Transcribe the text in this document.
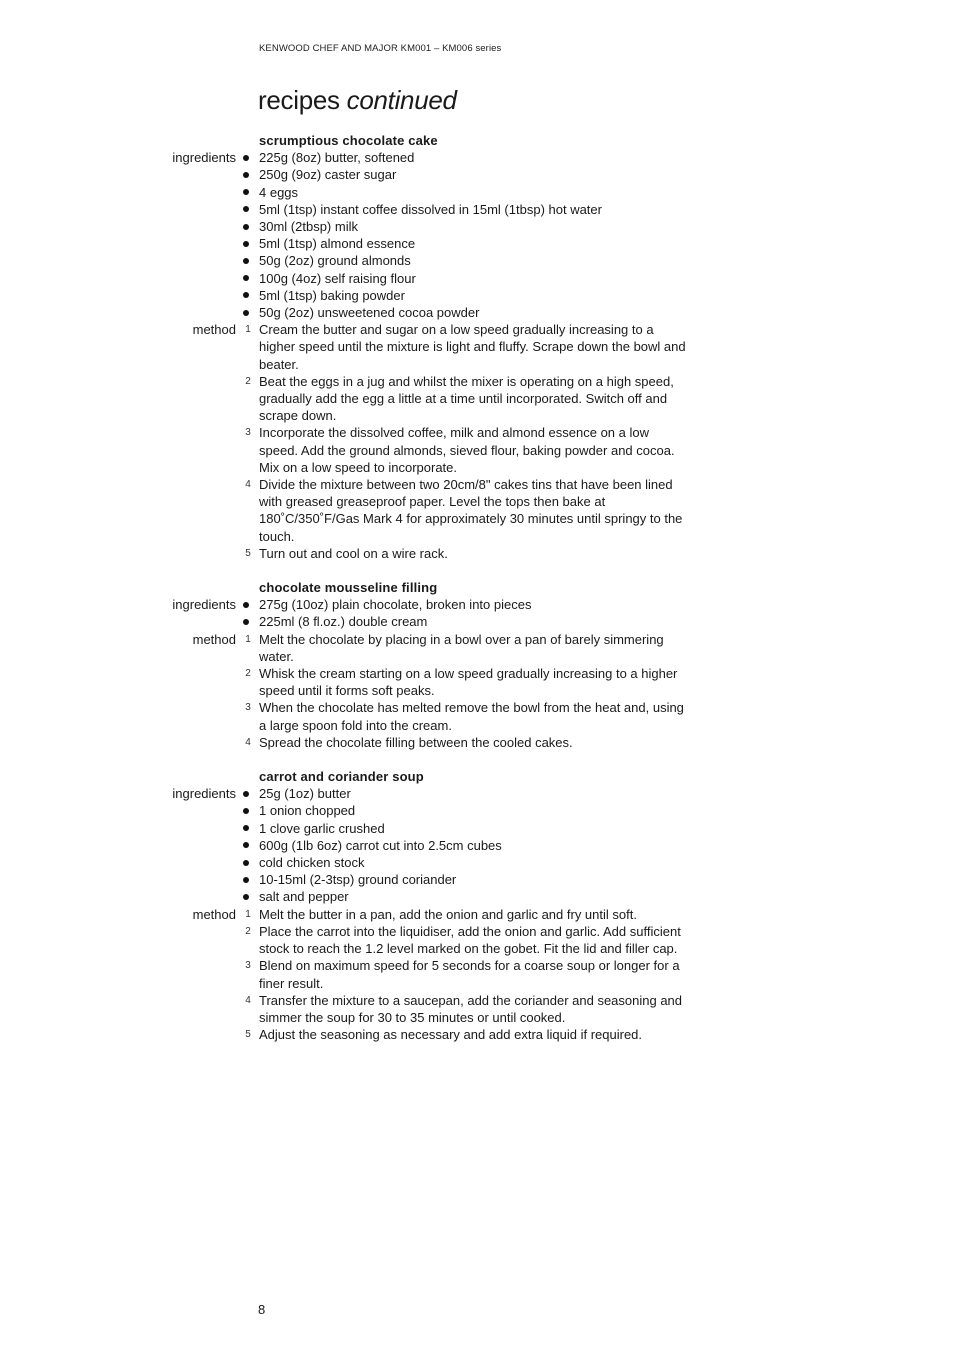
KENWOOD CHEF AND MAJOR KM001 – KM006 series
recipes continued
scrumptious chocolate cake
ingredients 225g (8oz) butter, softened
250g (9oz) caster sugar
4 eggs
5ml (1tsp) instant coffee dissolved in 15ml (1tbsp) hot water
30ml (2tbsp) milk
5ml (1tsp) almond essence
50g (2oz) ground almonds
100g (4oz) self raising flour
5ml (1tsp) baking powder
50g (2oz) unsweetened cocoa powder
method 1 Cream the butter and sugar on a low speed gradually increasing to a higher speed until the mixture is light and fluffy. Scrape down the bowl and beater.
2 Beat the eggs in a jug and whilst the mixer is operating on a high speed, gradually add the egg a little at a time until incorporated. Switch off and scrape down.
3 Incorporate the dissolved coffee, milk and almond essence on a low speed. Add the ground almonds, sieved flour, baking powder and cocoa. Mix on a low speed to incorporate.
4 Divide the mixture between two 20cm/8" cakes tins that have been lined with greased greaseproof paper. Level the tops then bake at 180˚C/350˚F/Gas Mark 4 for approximately 30 minutes until springy to the touch.
5 Turn out and cool on a wire rack.
chocolate mousseline filling
ingredients 275g (10oz) plain chocolate, broken into pieces
225ml (8 fl.oz.) double cream
method 1 Melt the chocolate by placing in a bowl over a pan of barely simmering water.
2 Whisk the cream starting on a low speed gradually increasing to a higher speed until it forms soft peaks.
3 When the chocolate has melted remove the bowl from the heat and, using a large spoon fold into the cream.
4 Spread the chocolate filling between the cooled cakes.
carrot and coriander soup
ingredients 25g (1oz) butter
1 onion chopped
1 clove garlic crushed
600g (1lb 6oz) carrot cut into 2.5cm cubes
cold chicken stock
10-15ml (2-3tsp) ground coriander
salt and pepper
method 1 Melt the butter in a pan, add the onion and garlic and fry until soft.
2 Place the carrot into the liquidiser, add the onion and garlic. Add sufficient stock to reach the 1.2 level marked on the gobet. Fit the lid and filler cap.
3 Blend on maximum speed for 5 seconds for a coarse soup or longer for a finer result.
4 Transfer the mixture to a saucepan, add the coriander and seasoning and simmer the soup for 30 to 35 minutes or until cooked.
5 Adjust the seasoning as necessary and add extra liquid if required.
8
